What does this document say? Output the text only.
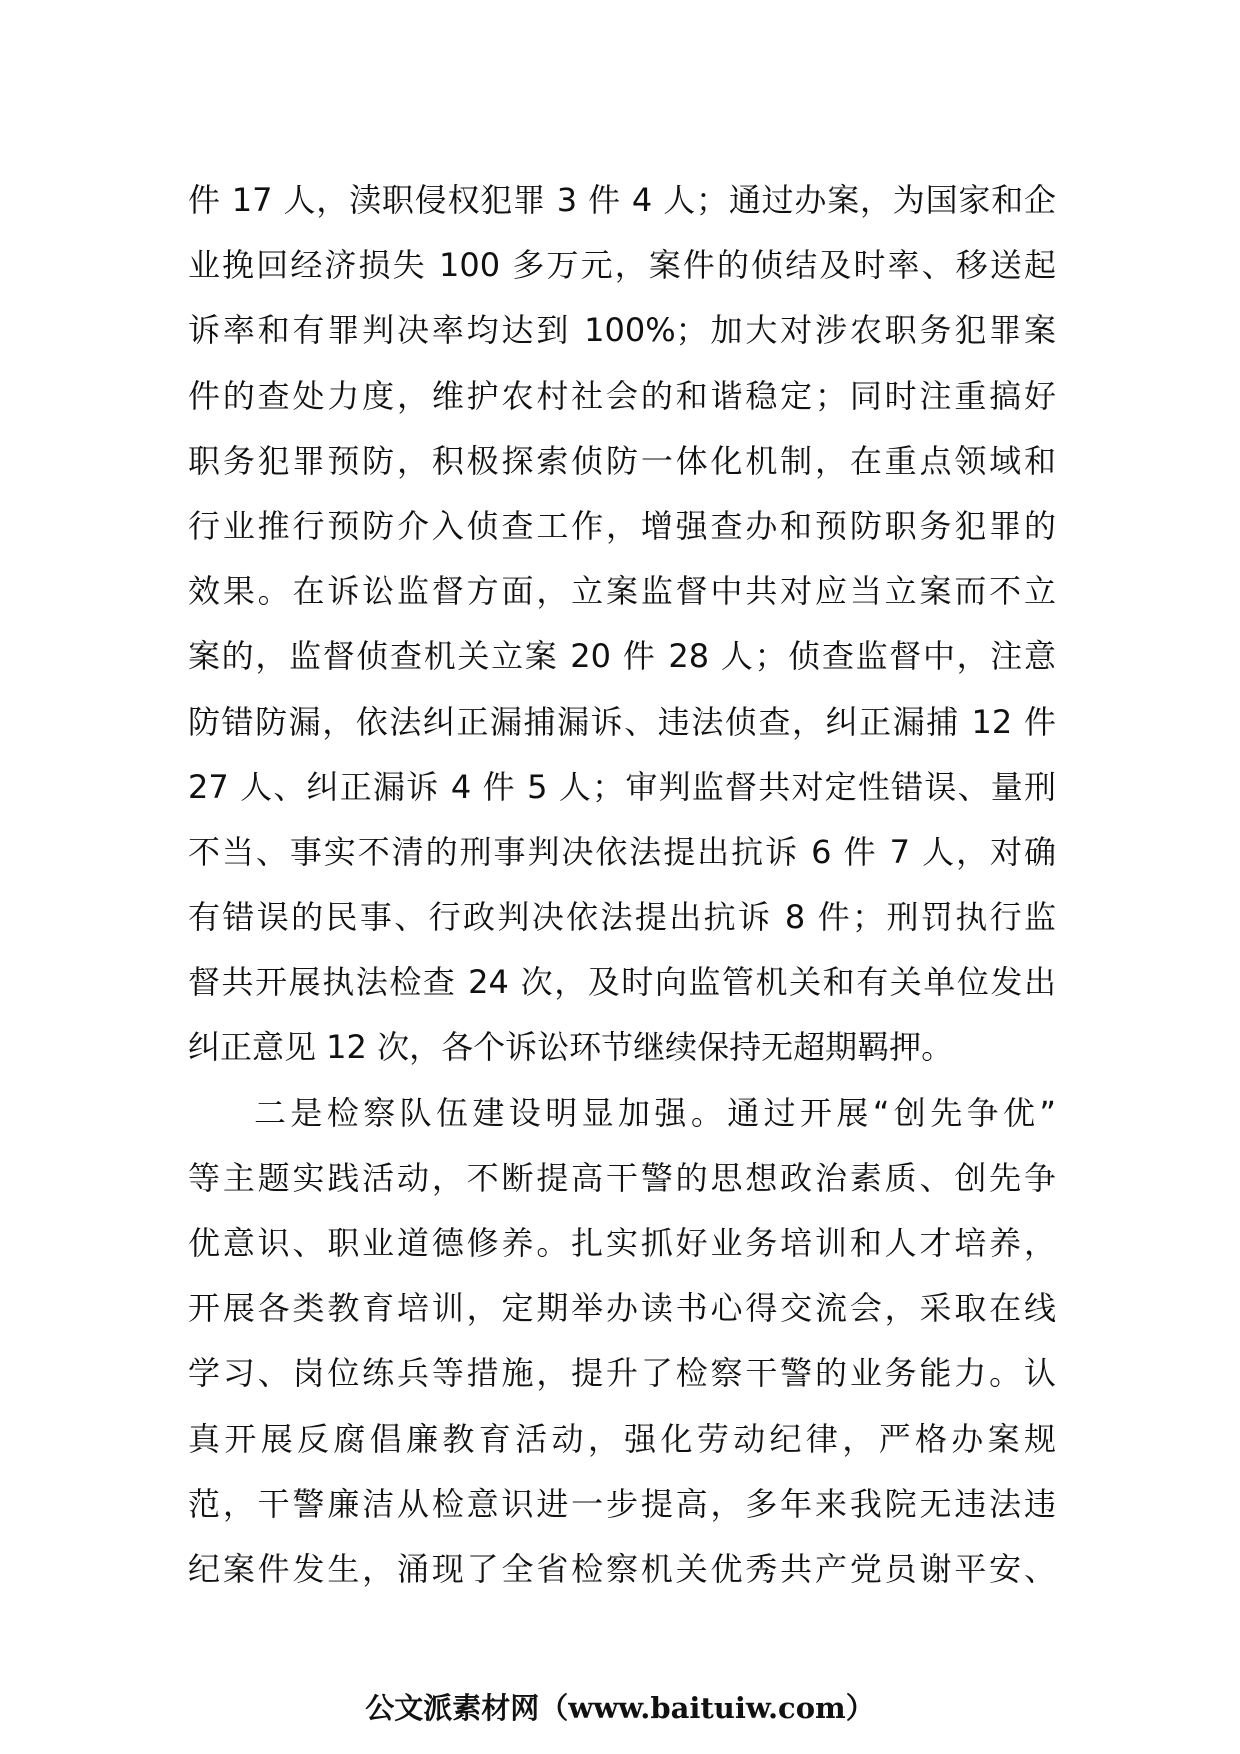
件 17 人，渎职侵权犯罪 3 件 4 人；通过办案，为国家和企
业挽回经济损失 100 多万元，案件的侦结及时率、移送起
诉率和有罪判决率均达到 100%；加大对涉农职务犯罪案
件的查处力度，维护农村社会的和谐稳定；同时注重搞好
职务犯罪预防，积极探索侦防一体化机制，在重点领域和
行业推行预防介入侦查工作，增强查办和预防职务犯罪的
效果。在诉讼监督方面，立案监督中共对应当立案而不立
案的，监督侦查机关立案 20 件 28 人；侦查监督中，注意
防错防漏，依法纠正漏捕漏诉、违法侦查，纠正漏捕 12 件
27 人、纠正漏诉 4 件 5 人；审判监督共对定性错误、量刑
不当、事实不清的刑事判决依法提出抗诉 6 件 7 人，对确
有错误的民事、行政判决依法提出抗诉 8 件；刑罚执行监
督共开展执法检查 24 次，及时向监管机关和有关单位发出
纠正意见 12 次，各个诉讼环节继续保持无超期羁押。
二是检察队伍建设明显加强。通过开展“创先争优”
等主题实践活动，不断提高干警的思想政治素质、创先争
优意识、职业道德修养。扎实抓好业务培训和人才培养，
开展各类教育培训，定期举办读书心得交流会，采取在线
学习、岗位练兵等措施，提升了检察干警的业务能力。认
真开展反腐倡廉教育活动，强化劳动纪律，严格办案规
范，干警廉洁从检意识进一步提高，多年来我院无违法违
纪案件发生，涌现了全省检察机关优秀共产党员谢平安、
公文派素材网（www.baituiw.com）
